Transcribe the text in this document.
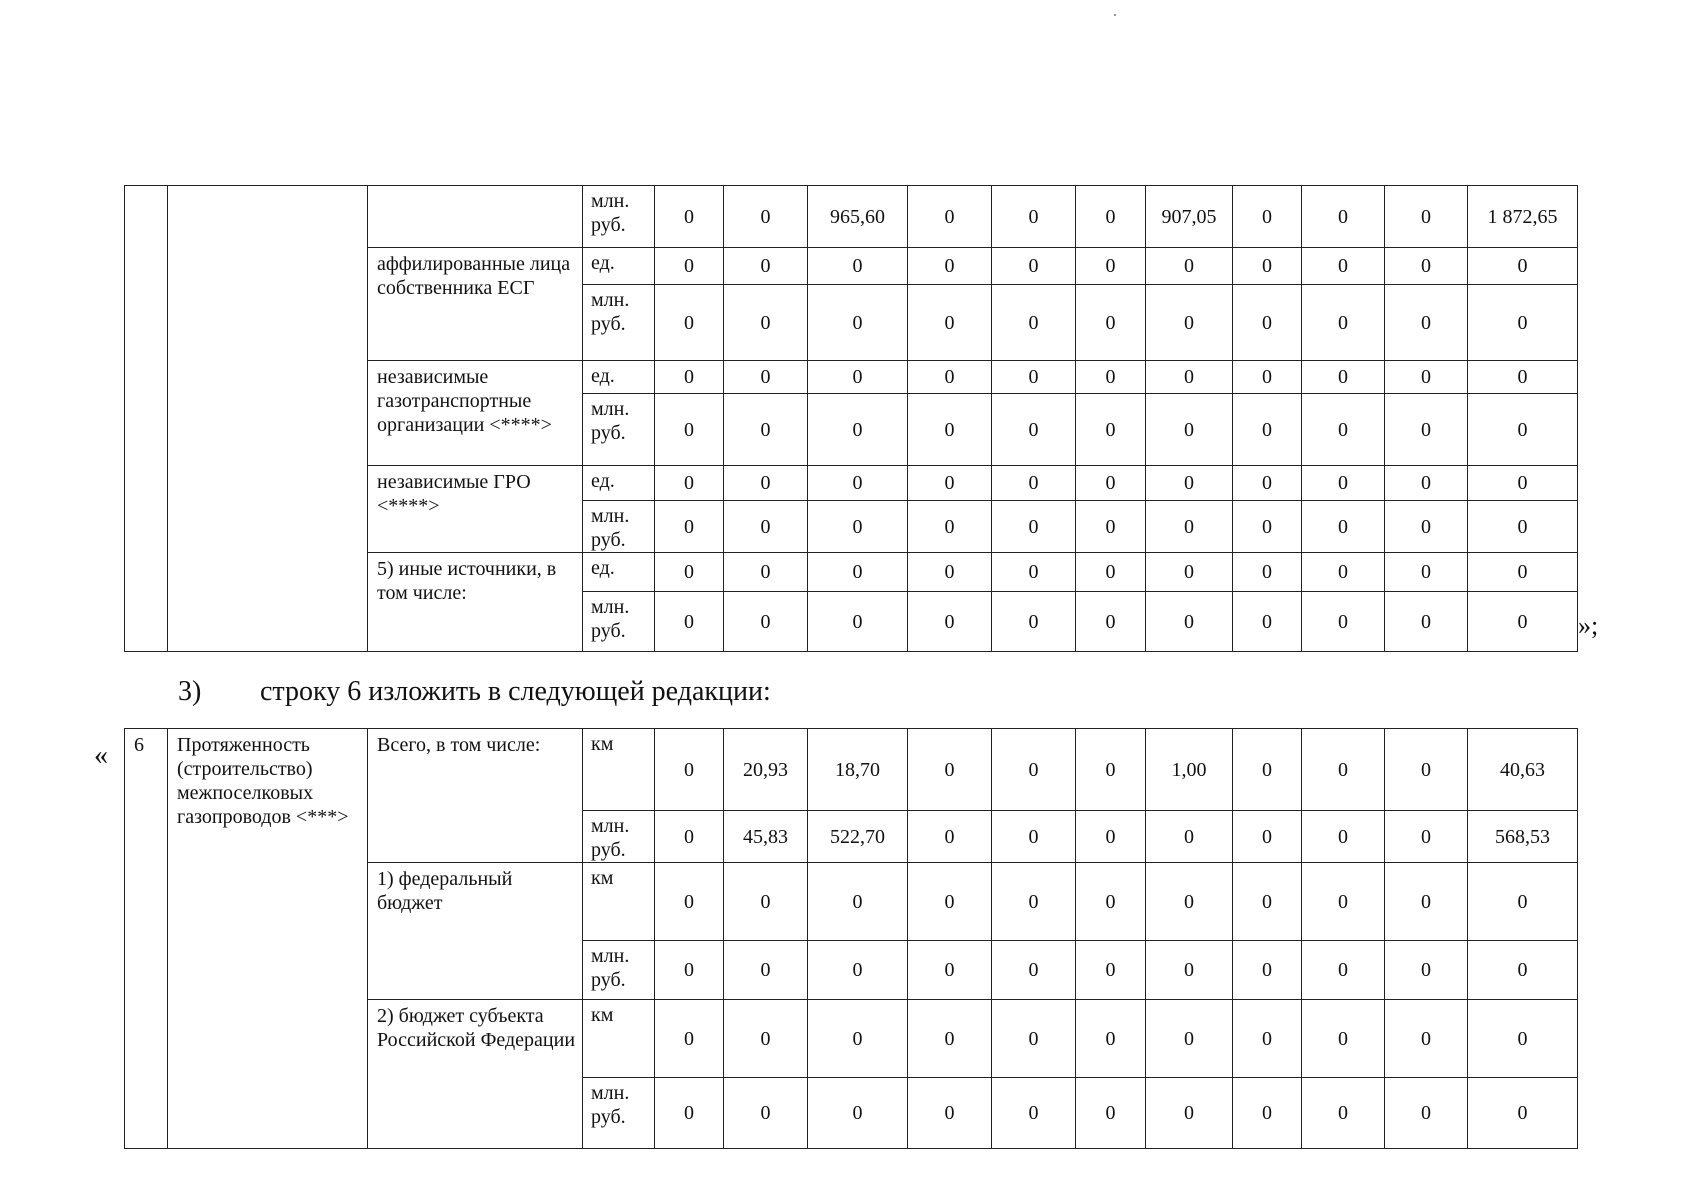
			млн. руб.	0	0	965,60	0	0	0	907,05	0	0	0	1 872,65
		аффилированные лица собственника ЕСГ	ед.	0	0	0	0	0	0	0	0	0	0	0
			млн. руб.	0	0	0	0	0	0	0	0	0	0	0
		независимые газотранспортные организации <****>	ед.	0	0	0	0	0	0	0	0	0	0	0
			млн. руб.	0	0	0	0	0	0	0	0	0	0	0
		независимые ГРО <****>	ед.	0	0	0	0	0	0	0	0	0	0	0
			млн. руб.	0	0	0	0	0	0	0	0	0	0	0
		5) иные источники, в том числе:	ед.	0	0	0	0	0	0	0	0	0	0	0
			млн. руб.	0	0	0	0	0	0	0	0	0	0	0 »;
3) строку 6 изложить в следующей редакции:
« 6	Протяженность (строительство) межпоселковых газопроводов <***>	Всего, в том числе:	км	0	20,93	18,70	0	0	0	1,00	0	0	0	40,63
			млн. руб.	0	45,83	522,70	0	0	0	0	0	0	0	568,53
		1) федеральный бюджет	км	0	0	0	0	0	0	0	0	0	0	0
			млн. руб.	0	0	0	0	0	0	0	0	0	0	0
		2) бюджет субъекта Российской Федерации	км	0	0	0	0	0	0	0	0	0	0	0
			млн. руб.	0	0	0	0	0	0	0	0	0	0	0
